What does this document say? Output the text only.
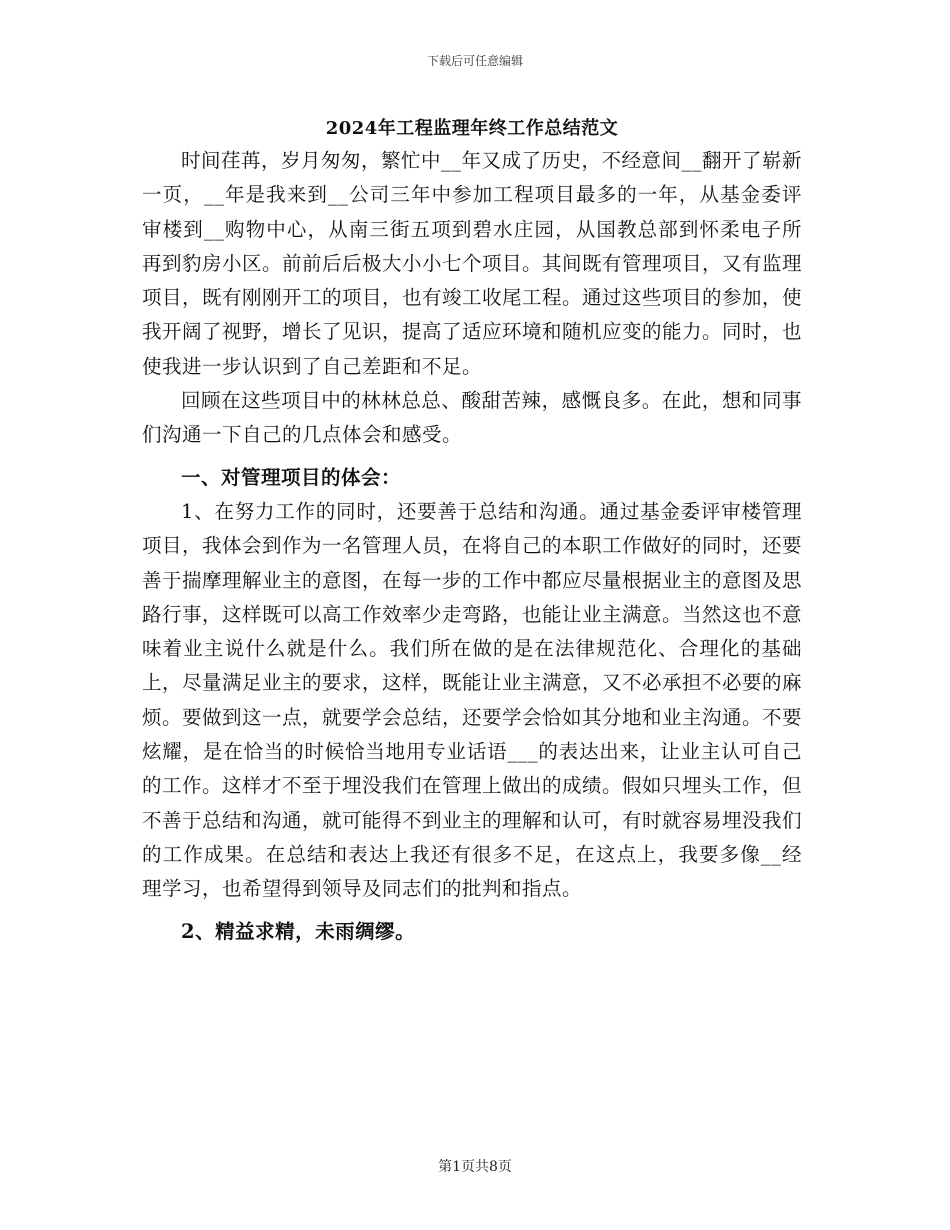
下载后可任意编辑
2024年工程监理年终工作总结范文

时间荏苒，岁月匆匆，繁忙中__年又成了历史，不经意间__翻开了崭新一页，__年是我来到__公司三年中参加工程项目最多的一年，从基金委评审楼到__购物中心，从南三街五项到碧水庄园，从国教总部到怀柔电子所再到豹房小区。前前后后极大小小七个项目。其间既有管理项目，又有监理项目，既有刚刚开工的项目，也有竣工收尾工程。通过这些项目的参加，使我开阔了视野，增长了见识，提高了适应环境和随机应变的能力。同时，也使我进一步认识到了自己差距和不足。

回顾在这些项目中的林林总总、酸甜苦辣，感慨良多。在此，想和同事们沟通一下自己的几点体会和感受。

一、对管理项目的体会：

1、在努力工作的同时，还要善于总结和沟通。通过基金委评审楼管理项目，我体会到作为一名管理人员，在将自己的本职工作做好的同时，还要善于揣摩理解业主的意图，在每一步的工作中都应尽量根据业主的意图及思路行事，这样既可以高工作效率少走弯路，也能让业主满意。当然这也不意味着业主说什么就是什么。我们所在做的是在法律规范化、合理化的基础上，尽量满足业主的要求，这样，既能让业主满意，又不必承担不必要的麻烦。要做到这一点，就要学会总结，还要学会恰如其分地和业主沟通。不要炫耀，是在恰当的时候恰当地用专业话语___的表达出来，让业主认可自己的工作。这样才不至于埋没我们在管理上做出的成绩。假如只埋头工作，但不善于总结和沟通，就可能得不到业主的理解和认可，有时就容易埋没我们的工作成果。在总结和表达上我还有很多不足，在这点上，我要多像__经理学习，也希望得到领导及同志们的批判和指点。

2、精益求精，未雨绸缪。

第1页共8页
